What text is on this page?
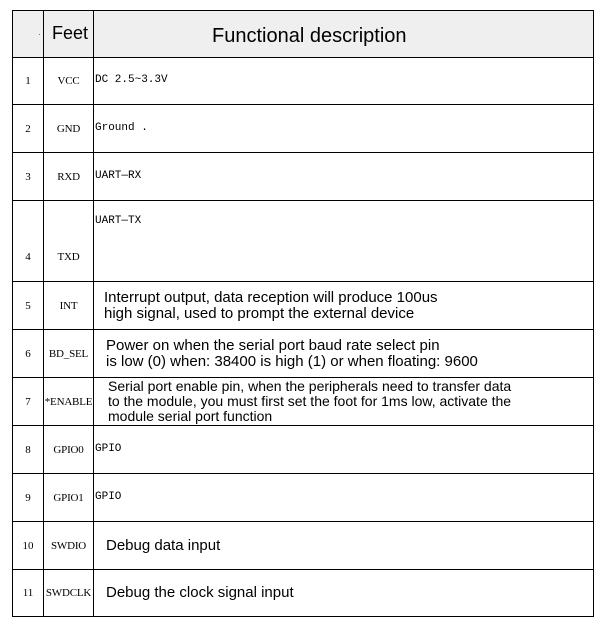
·	Feet	Functional description
1	VCC	DC 2.5~3.3V
2	GND	Ground .
3	RXD	UART—RX
4	TXD	UART—TX
5	INT	Interrupt output, data reception will produce 100us
high signal, used to prompt the external device

6	BD_SEL	Power on when the serial port baud rate select pin
is low (0) when: 38400 is high (1) or when floating: 9600

7	*ENABLE	Serial port enable pin, when the peripherals need to transfer data
to the module, you must first set the foot for 1ms low, activate the
module serial port function

8	GPIO0	GPIO
9	GPIO1	GPIO
10	SWDIO	Debug data input
11	SWDCLK	Debug the clock signal input
